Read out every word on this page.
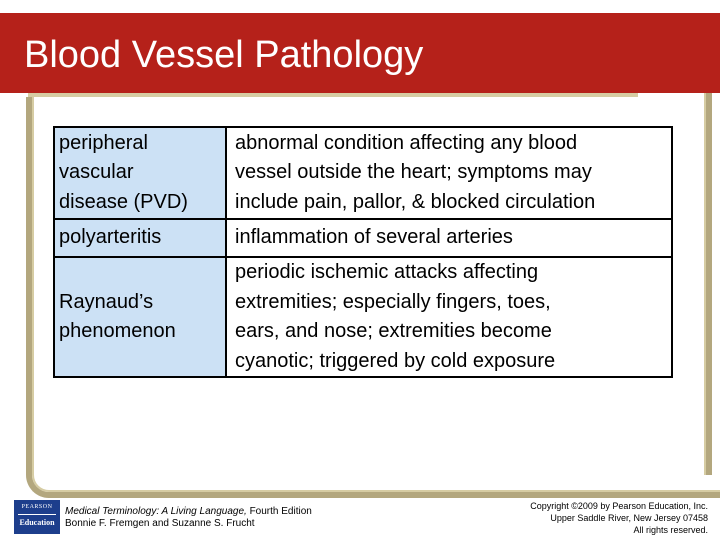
Blood Vessel Pathology
peripheral
vascular
disease (PVD)	abnormal condition affecting any blood
vessel outside the heart; symptoms may
include pain, pallor, & blocked circulation

polyarteritis	inflammation of several arteries

Raynaud’s
phenomenon	periodic ischemic attacks affecting
extremities; especially fingers, toes,
ears, and nose; extremities become
cyanotic; triggered by cold exposure
PEARSON
Education
Medical Terminology: A Living Language, Fourth Edition
Bonnie F. Fremgen and Suzanne S. Frucht
Copyright ©2009 by Pearson Education, Inc.
Upper Saddle River, New Jersey 07458
All rights reserved.
